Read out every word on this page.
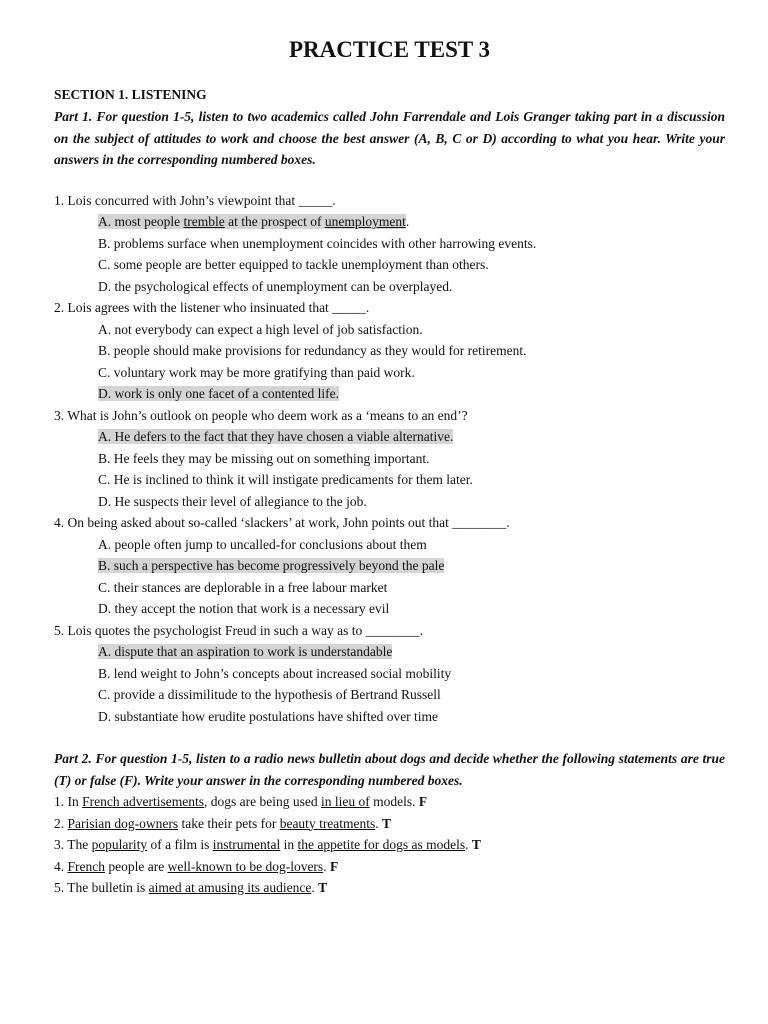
PRACTICE TEST 3
SECTION 1. LISTENING

Part 1. For question 1-5, listen to two academics called John Farrendale and Lois Granger taking part in a discussion on the subject of attitudes to work and choose the best answer (A, B, C or D) according to what you hear. Write your answers in the corresponding numbered boxes.

1. Lois concurred with John’s viewpoint that _____.
A. most people tremble at the prospect of unemployment.
B. problems surface when unemployment coincides with other harrowing events.
C. some people are better equipped to tackle unemployment than others.
D. the psychological effects of unemployment can be overplayed.
2. Lois agrees with the listener who insinuated that _____.
A. not everybody can expect a high level of job satisfaction.
B. people should make provisions for redundancy as they would for retirement.
C. voluntary work may be more gratifying than paid work.
D. work is only one facet of a contented life.
3. What is John’s outlook on people who deem work as a ‘means to an end’?
A. He defers to the fact that they have chosen a viable alternative.
B. He feels they may be missing out on something important.
C. He is inclined to think it will instigate predicaments for them later.
D. He suspects their level of allegiance to the job.
4. On being asked about so-called ‘slackers’ at work, John points out that ________.
A. people often jump to uncalled-for conclusions about them
B. such a perspective has become progressively beyond the pale
C. their stances are deplorable in a free labour market
D. they accept the notion that work is a necessary evil
5. Lois quotes the psychologist Freud in such a way as to ________.
A. dispute that an aspiration to work is understandable
B. lend weight to John’s concepts about increased social mobility
C. provide a dissimilitude to the hypothesis of Bertrand Russell
D. substantiate how erudite postulations have shifted over time

Part 2. For question 1-5, listen to a radio news bulletin about dogs and decide whether the following statements are true (T) or false (F). Write your answer in the corresponding numbered boxes.

1. In French advertisements, dogs are being used in lieu of models. F
2. Parisian dog-owners take their pets for beauty treatments. T
3. The popularity of a film is instrumental in the appetite for dogs as models. T
4. French people are well-known to be dog-lovers. F
5. The bulletin is aimed at amusing its audience. T
